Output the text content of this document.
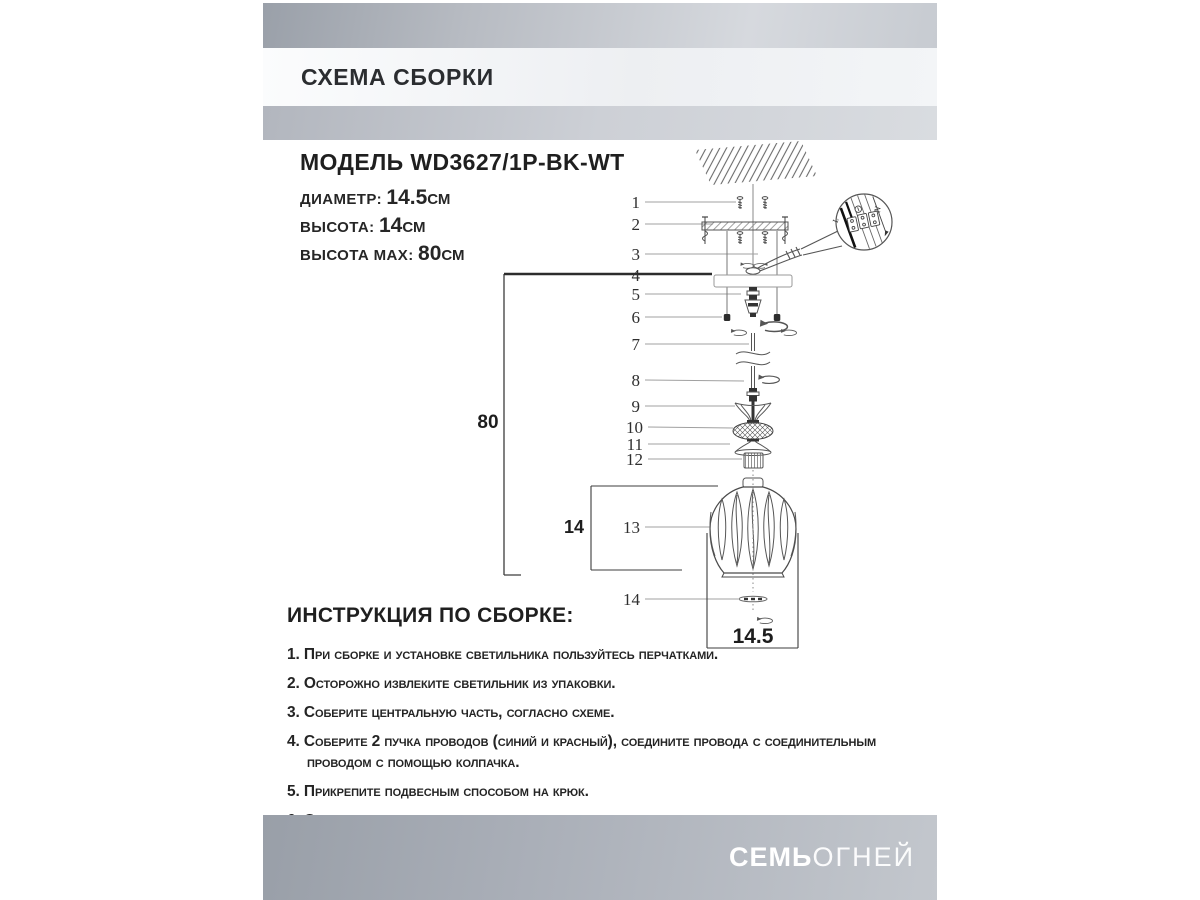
СХЕМА СБОРКИ
МОДЕЛЬ WD3627/1P-BK-WT
ДИАМЕТР: 14.5СМ
ВЫСОТА: 14СМ
ВЫСОТА MAX: 80СМ
80
14
14.5
L
N
1
2
3
4
5
6
7
8
9
10
11
12
13
14
ИНСТРУКЦИЯ ПО СБОРКЕ:

1. При сборке и установке светильника пользуйтесь перчатками.

2. Осторожно извлеките светильник из упаковки.

3. Соберите центральную часть, согласно схеме.

4. Соберите 2 пучка проводов (синий и красный), соедините провода с соединительным проводом с помощью колпачка.

5. Прикрепите подвесным способом на крюк.

СЕМЬОГНЕЙ
